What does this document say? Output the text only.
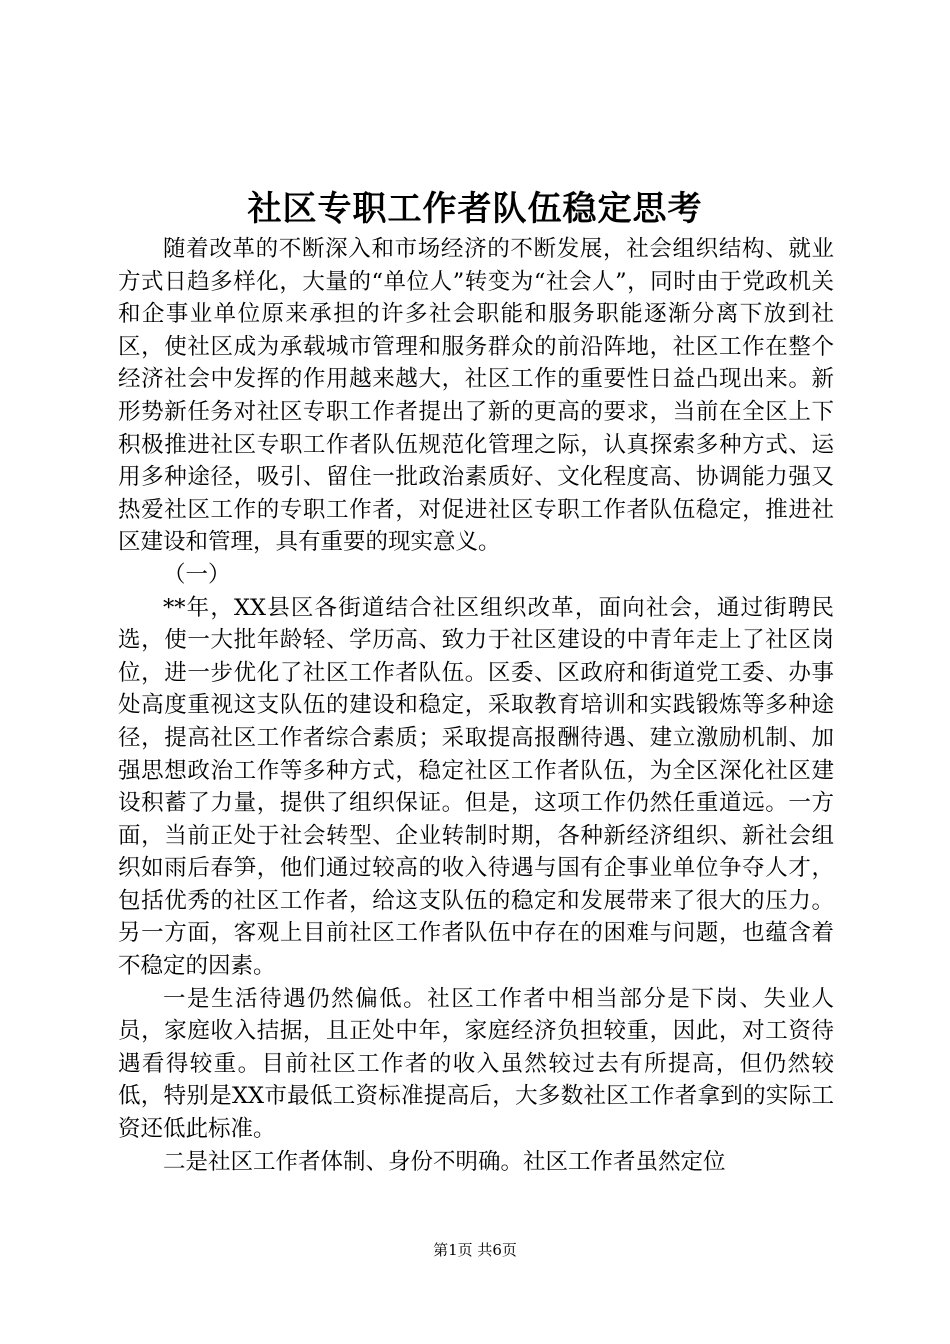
社区专职工作者队伍稳定思考

随着改革的不断深入和市场经济的不断发展，社会组织结构、就业方式日趋多样化，大量的“单位人”转变为“社会人”，同时由于党政机关和企事业单位原来承担的许多社会职能和服务职能逐渐分离下放到社区，使社区成为承载城市管理和服务群众的前沿阵地，社区工作在整个经济社会中发挥的作用越来越大，社区工作的重要性日益凸现出来。新形势新任务对社区专职工作者提出了新的更高的要求，当前在全区上下积极推进社区专职工作者队伍规范化管理之际，认真探索多种方式、运用多种途径，吸引、留住一批政治素质好、文化程度高、协调能力强又热爱社区工作的专职工作者，对促进社区专职工作者队伍稳定，推进社区建设和管理，具有重要的现实意义。

（一）

**年，XX县区各街道结合社区组织改革，面向社会，通过街聘民选，使一大批年龄轻、学历高、致力于社区建设的中青年走上了社区岗位，进一步优化了社区工作者队伍。区委、区政府和街道党工委、办事处高度重视这支队伍的建设和稳定，采取教育培训和实践锻炼等多种途径，提高社区工作者综合素质；采取提高报酬待遇、建立激励机制、加强思想政治工作等多种方式，稳定社区工作者队伍，为全区深化社区建设积蓄了力量，提供了组织保证。但是，这项工作仍然任重道远。一方面，当前正处于社会转型、企业转制时期，各种新经济组织、新社会组织如雨后春笋，他们通过较高的收入待遇与国有企事业单位争夺人才，包括优秀的社区工作者，给这支队伍的稳定和发展带来了很大的压力。另一方面，客观上目前社区工作者队伍中存在的困难与问题，也蕴含着不稳定的因素。

一是生活待遇仍然偏低。社区工作者中相当部分是下岗、失业人员，家庭收入拮据，且正处中年，家庭经济负担较重，因此，对工资待遇看得较重。目前社区工作者的收入虽然较过去有所提高，但仍然较低，特别是XX市最低工资标准提高后，大多数社区工作者拿到的实际工资还低此标准。

二是社区工作者体制、身份不明确。社区工作者虽然定位

第1页 共6页
